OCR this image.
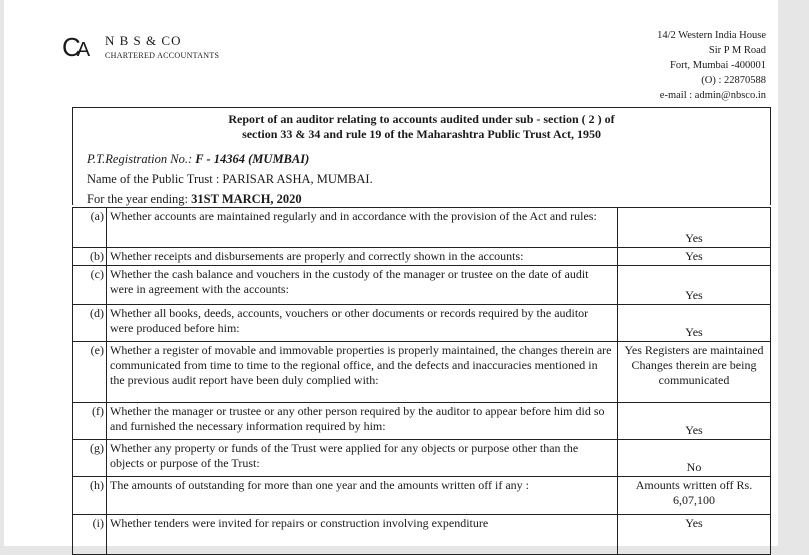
CA N B S & CO
CHARTERED ACCOUNTANTS
14/2 Western India House
Sir P M Road
Fort, Mumbai -400001
(O) : 22870588
e-mail : admin@nbsco.in
Report of an auditor relating to accounts audited under sub - section ( 2 ) of
section 33 & 34 and rule 19 of the Maharashtra Public Trust Act, 1950
P.T.Registration No.: F - 14364 (MUMBAI)
Name of the Public Trust : PARISAR ASHA, MUMBAI.
For the year ending: 31ST MARCH, 2020
(a)	Whether accounts are maintained regularly and in accordance with the provision of the Act and rules:	Yes
(b)	Whether receipts and disbursements are properly and correctly shown in the accounts:	Yes
(c)	Whether the cash balance and vouchers in the custody of the manager or trustee on the date of audit were in agreement with the accounts:	Yes
(d)	Whether all books, deeds, accounts, vouchers or other documents or records required by the auditor were produced before him:	Yes
(e)	Whether a register of movable and immovable properties is properly maintained, the changes therein are communicated from time to time to the regional office, and the defects and inaccuracies mentioned in the previous audit report have been duly complied with:	Yes Registers are maintained Changes therein are being communicated
(f)	Whether the manager or trustee or any other person required by the auditor to appear before him did so and furnished the necessary information required by him:	Yes
(g)	Whether any property or funds of the Trust were applied for any objects or purpose other than the objects or purpose of the Trust:	No
(h)	The amounts of outstanding for more than one year and the amounts written off if any :	Amounts written off Rs. 6,07,100
(i)	Whether tenders were invited for repairs or construction involving expenditure	Yes
